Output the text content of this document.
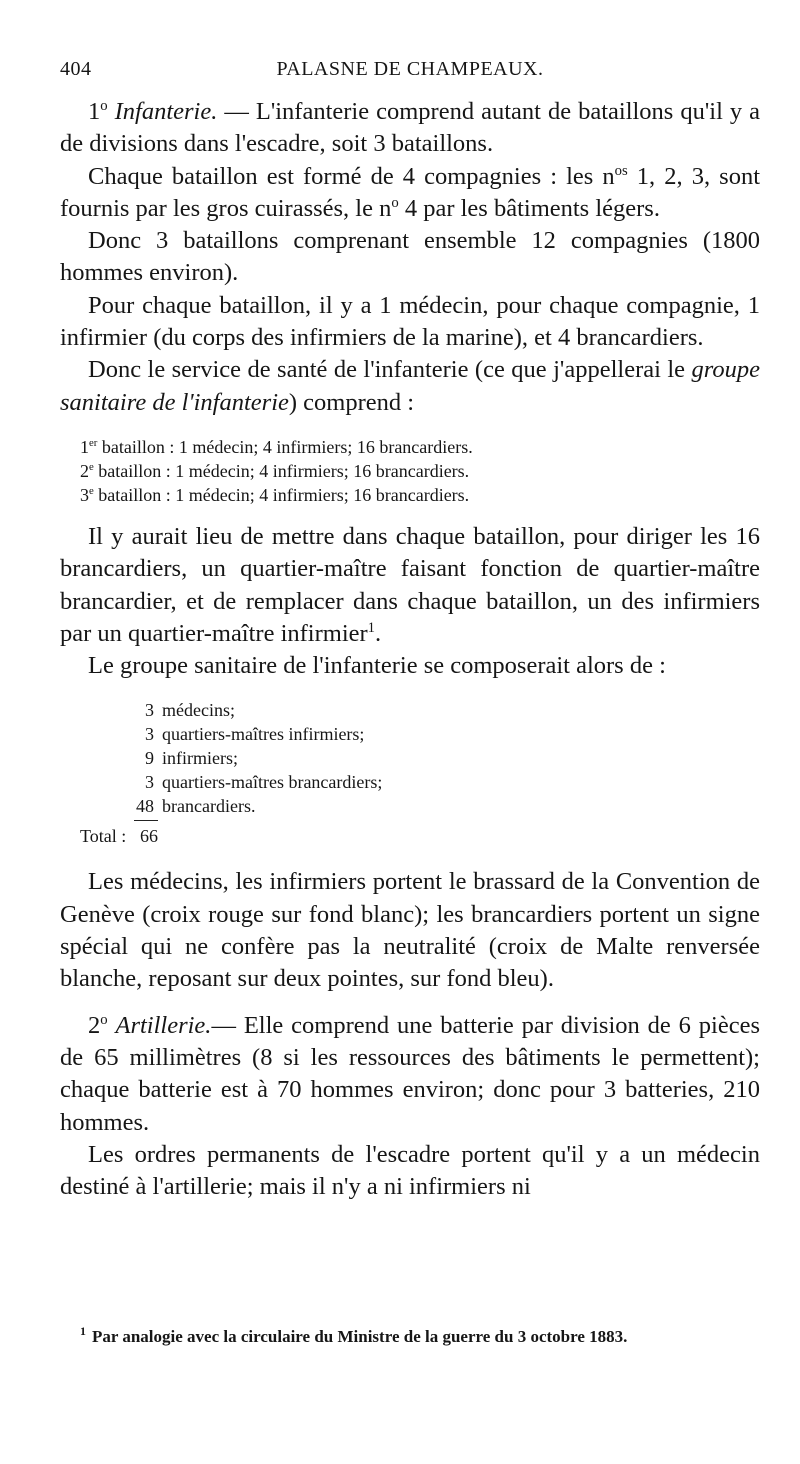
404	PALASNE DE CHAMPEAUX.

1$^o$ Infanterie. — L'infanterie comprend autant de bataillons qu'il y a de divisions dans l'escadre, soit 3 bataillons.

Chaque bataillon est formé de 4 compagnies : les $n^{os}$ 1, 2, 3, sont fournis par les gros cuirassés, le $n^o$ 4 par les bâtiments légers.

Donc 3 bataillons comprenant ensemble 12 compagnies (1800 hommes environ).

Pour chaque bataillon, il y a 1 médecin, pour chaque compagnie, 1 infirmier (du corps des infirmiers de la marine), et 4 brancardiers.

Donc le service de santé de l'infanterie (ce que j'appellerai le groupe sanitaire de l'infanterie) comprend :

1er bataillon : 1 médecin; 4 infirmiers; 16 brancardiers.
2e bataillon : 1 médecin; 4 infirmiers; 16 brancardiers.
3e bataillon : 1 médecin; 4 infirmiers; 16 brancardiers.

Il y aurait lieu de mettre dans chaque bataillon, pour diriger les 16 brancardiers, un quartier-maître faisant fonction de quartier-maître brancardier, et de remplacer dans chaque bataillon, un des infirmiers par un quartier-maître infirmier$^1$.

Le groupe sanitaire de l'infanterie se composerait alors de :

3 médecins;
3 quartiers-maîtres infirmiers;
9 infirmiers;
3 quartiers-maîtres brancardiers;
48 brancardiers.
Total : 66

Les médecins, les infirmiers portent le brassard de la Convention de Genève (croix rouge sur fond blanc); les brancardiers portent un signe spécial qui ne confère pas la neutralité (croix de Malte renversée blanche, reposant sur deux pointes, sur fond bleu).

2$^o$ Artillerie.— Elle comprend une batterie par division de 6 pièces de 65 millimètres (8 si les ressources des bâtiments le permettent); chaque batterie est à 70 hommes environ; donc pour 3 batteries, 210 hommes.

Les ordres permanents de l'escadre portent qu'il y a un médecin destiné à l'artillerie; mais il n'y a ni infirmiers ni

$^1$ Par analogie avec la circulaire du Ministre de la guerre du 3 octobre 1883.
